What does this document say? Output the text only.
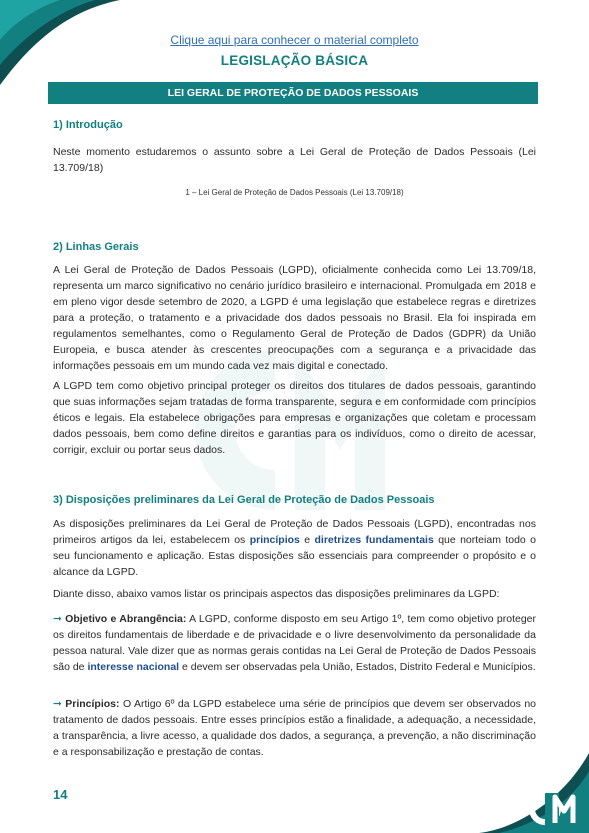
Clique aqui para conhecer o material completo
LEGISLAÇÃO BÁSICA
LEI GERAL DE PROTEÇÃO DE DADOS PESSOAIS
1) Introdução

Neste momento estudaremos o assunto sobre a Lei Geral de Proteção de Dados Pessoais (Lei 13.709/18)

1 – Lei Geral de Proteção de Dados Pessoais (Lei 13.709/18)
2) Linhas Gerais

A Lei Geral de Proteção de Dados Pessoais (LGPD), oficialmente conhecida como Lei 13.709/18, representa um marco significativo no cenário jurídico brasileiro e internacional. Promulgada em 2018 e em pleno vigor desde setembro de 2020, a LGPD é uma legislação que estabelece regras e diretrizes para a proteção, o tratamento e a privacidade dos dados pessoais no Brasil. Ela foi inspirada em regulamentos semelhantes, como o Regulamento Geral de Proteção de Dados (GDPR) da União Europeia, e busca atender às crescentes preocupações com a segurança e a privacidade das informações pessoais em um mundo cada vez mais digital e conectado.

A LGPD tem como objetivo principal proteger os direitos dos titulares de dados pessoais, garantindo que suas informações sejam tratadas de forma transparente, segura e em conformidade com princípios éticos e legais. Ela estabelece obrigações para empresas e organizações que coletam e processam dados pessoais, bem como define direitos e garantias para os indivíduos, como o direito de acessar, corrigir, excluir ou portar seus dados.

3) Disposições preliminares da Lei Geral de Proteção de Dados Pessoais

As disposições preliminares da Lei Geral de Proteção de Dados Pessoais (LGPD), encontradas nos primeiros artigos da lei, estabelecem os princípios e diretrizes fundamentais que norteiam todo o seu funcionamento e aplicação. Estas disposições são essenciais para compreender o propósito e o alcance da LGPD.

Diante disso, abaixo vamos listar os principais aspectos das disposições preliminares da LGPD:

➞ Objetivo e Abrangência: A LGPD, conforme disposto em seu Artigo 1º, tem como objetivo proteger os direitos fundamentais de liberdade e de privacidade e o livre desenvolvimento da personalidade da pessoa natural. Vale dizer que as normas gerais contidas na Lei Geral de Proteção de Dados Pessoais são de interesse nacional e devem ser observadas pela União, Estados, Distrito Federal e Municípios.

➞ Princípios: O Artigo 6º da LGPD estabelece uma série de princípios que devem ser observados no tratamento de dados pessoais. Entre esses princípios estão a finalidade, a adequação, a necessidade, a transparência, a livre acesso, a qualidade dos dados, a segurança, a prevenção, a não discriminação e a responsabilização e prestação de contas.

14
